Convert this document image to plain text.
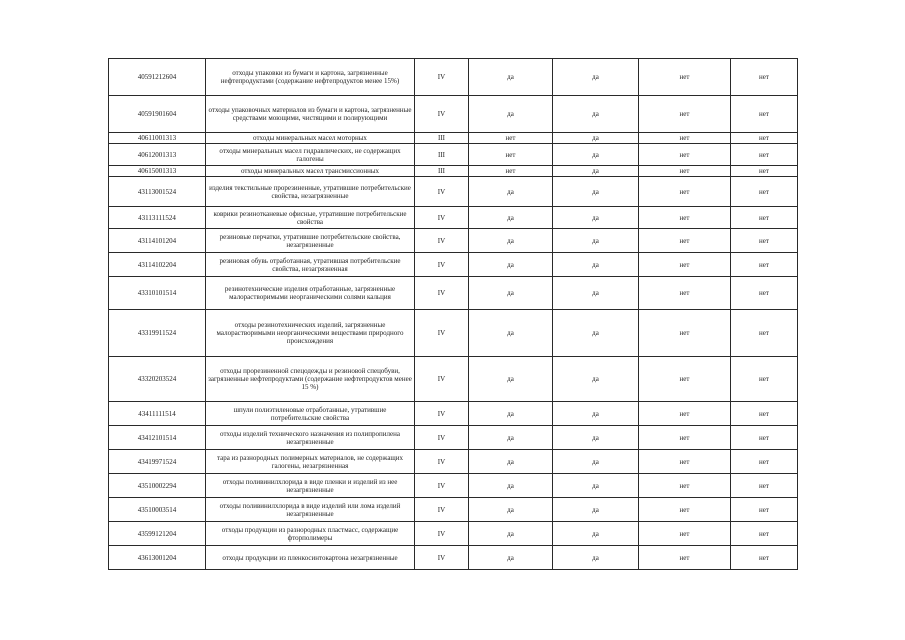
40591212604	отходы упаковки из бумаги и картона, загрязненные нефтепродуктами (содержание нефтепродуктов менее 15%)	IV	да	да	нет	нет
40591901604	отходы упаковочных материалов из бумаги и картона, загрязненные средствами моющими, чистящими и полирующими	IV	да	да	нет	нет
40611001313	отходы минеральных масел моторных	III	нет	да	нет	нет
40612001313	отходы минеральных масел гидравлических, не содержащих галогены	III	нет	да	нет	нет
40615001313	отходы минеральных масел трансмиссионных	III	нет	да	нет	нет
43113001524	изделия текстильные прорезиненные, утратившие потребительские свойства, незагрязненные	IV	да	да	нет	нет
43113111524	коврики резинотканевые офисные, утратившие потребительские свойства	IV	да	да	нет	нет
43114101204	резиновые перчатки, утратившие потребительские свойства, незагрязненные	IV	да	да	нет	нет
43114102204	резиновая обувь отработанная, утратившая потребительские свойства, незагрязненная	IV	да	да	нет	нет
43310101514	резинотехнические изделия отработанные, загрязненные малорастворимыми неорганическими солями кальция	IV	да	да	нет	нет
43319911524	отходы резинотехнических изделий, загрязненные малорастворимыми неорганическими веществами природного происхождения	IV	да	да	нет	нет
43320203524	отходы прорезиненной спецодежды и резиновой спецобуви, загрязненные нефтепродуктами (содержание нефтепродуктов менее 15 %)	IV	да	да	нет	нет
43411111514	шпули полиэтиленовые отработанные, утратившие потребительские свойства	IV	да	да	нет	нет
43412101514	отходы изделий технического назначения из полипропилена незагрязненные	IV	да	да	нет	нет
43419971524	тара из разнородных полимерных материалов, не содержащих галогены, незагрязненная	IV	да	да	нет	нет
43510002294	отходы поливинилхлорида в виде пленки и изделий из нее незагрязненные	IV	да	да	нет	нет
43510003514	отходы поливинилхлорида в виде изделий или лома изделий незагрязненные	IV	да	да	нет	нет
43599121204	отходы продукции из разнородных пластмасс, содержащие фторполимеры	IV	да	да	нет	нет
43613001204	отходы продукции из пленкосинтокартона незагрязненные	IV	да	да	нет	нет
